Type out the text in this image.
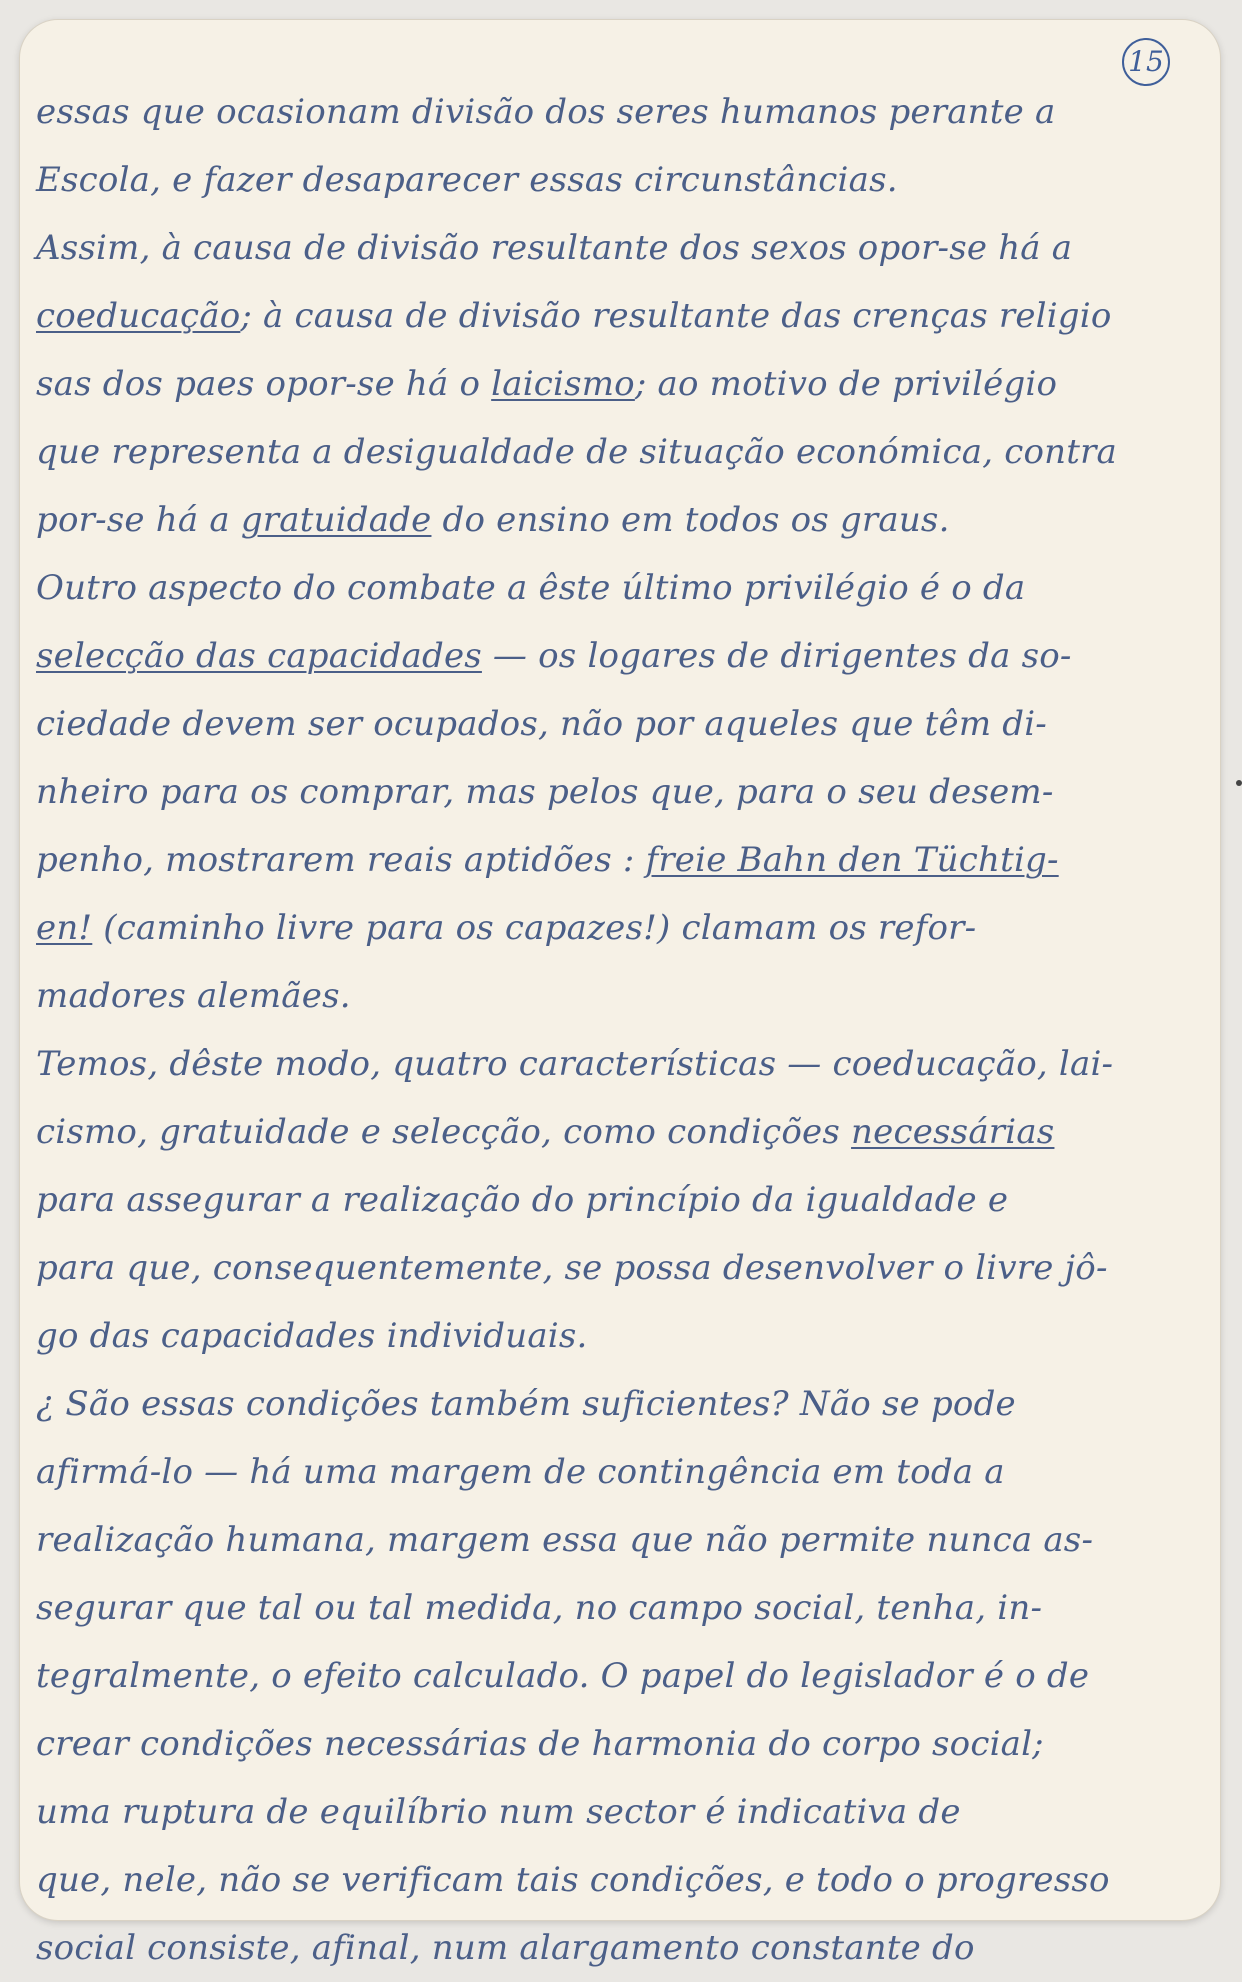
15
essas que ocasionam divisão dos seres humanos perante a
Escola, e fazer desaparecer essas circunstâncias.
Assim, à causa de divisão resultante dos sexos opor-se há a
coeducação; à causa de divisão resultante das crenças religio
sas dos paes opor-se há o laicismo; ao motivo de privilégio
que representa a desigualdade de situação económica, contra
por-se há a gratuidade do ensino em todos os graus.
Outro aspecto do combate a êste último privilégio é o da
selecção das capacidades — os logares de dirigentes da so-
ciedade devem ser ocupados, não por aqueles que têm di-
nheiro para os comprar, mas pelos que, para o seu desem-
penho, mostrarem reais aptidões : freie Bahn den Tüchtig-
en! (caminho livre para os capazes!) clamam os refor-
madores alemães.
Temos, dêste modo, quatro características — coeducação, lai-
cismo, gratuidade e selecção, como condições necessárias
para assegurar a realização do princípio da igualdade e
para que, consequentemente, se possa desenvolver o livre jô-
go das capacidades individuais.
¿ São essas condições também suficientes? Não se pode
afirmá-lo — há uma margem de contingência em toda a
realização humana, margem essa que não permite nunca as-
segurar que tal ou tal medida, no campo social, tenha, in-
tegralmente, o efeito calculado. O papel do legislador é o de
crear condições necessárias de harmonia do corpo social;
uma ruptura de equilíbrio num sector é indicativa de
que, nele, não se verificam tais condições, e todo o progresso
social consiste, afinal, num alargamento constante do
